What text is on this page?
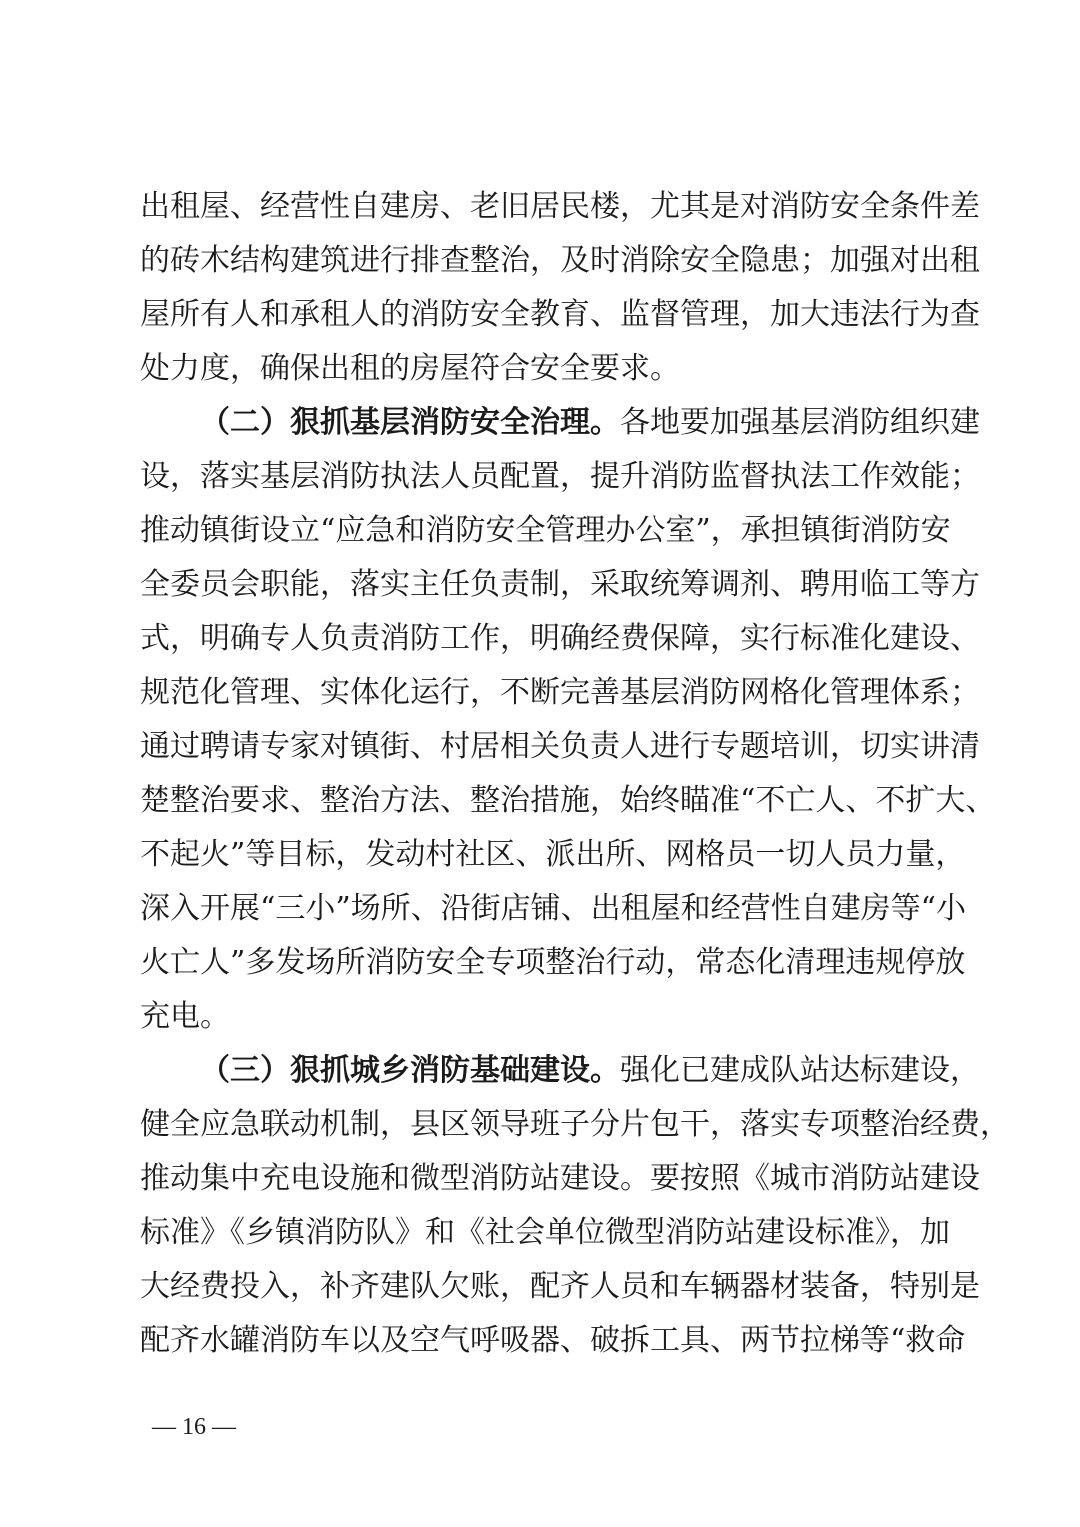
出租屋、经营性自建房、老旧居民楼，尤其是对消防安全条件差
的砖木结构建筑进行排查整治，及时消除安全隐患；加强对出租
屋所有人和承租人的消防安全教育、监督管理，加大违法行为查
处力度，确保出租的房屋符合安全要求。
（二）狠抓基层消防安全治理。各地要加强基层消防组织建
设，落实基层消防执法人员配置，提升消防监督执法工作效能；
推动镇街设立“应急和消防安全管理办公室”，承担镇街消防安
全委员会职能，落实主任负责制，采取统筹调剂、聘用临工等方
式，明确专人负责消防工作，明确经费保障，实行标准化建设、
规范化管理、实体化运行，不断完善基层消防网格化管理体系；
通过聘请专家对镇街、村居相关负责人进行专题培训，切实讲清
楚整治要求、整治方法、整治措施，始终瞄准“不亡人、不扩大、
不起火”等目标，发动村社区、派出所、网格员一切人员力量，
深入开展“三小”场所、沿街店铺、出租屋和经营性自建房等“小
火亡人”多发场所消防安全专项整治行动，常态化清理违规停放
充电。
（三）狠抓城乡消防基础建设。强化已建成队站达标建设，
健全应急联动机制，县区领导班子分片包干，落实专项整治经费，
推动集中充电设施和微型消防站建设。要按照《城市消防站建设
标准》《乡镇消防队》和《社会单位微型消防站建设标准》，加
大经费投入，补齐建队欠账，配齐人员和车辆器材装备，特别是
配齐水罐消防车以及空气呼吸器、破拆工具、两节拉梯等“救命
— 16 —
